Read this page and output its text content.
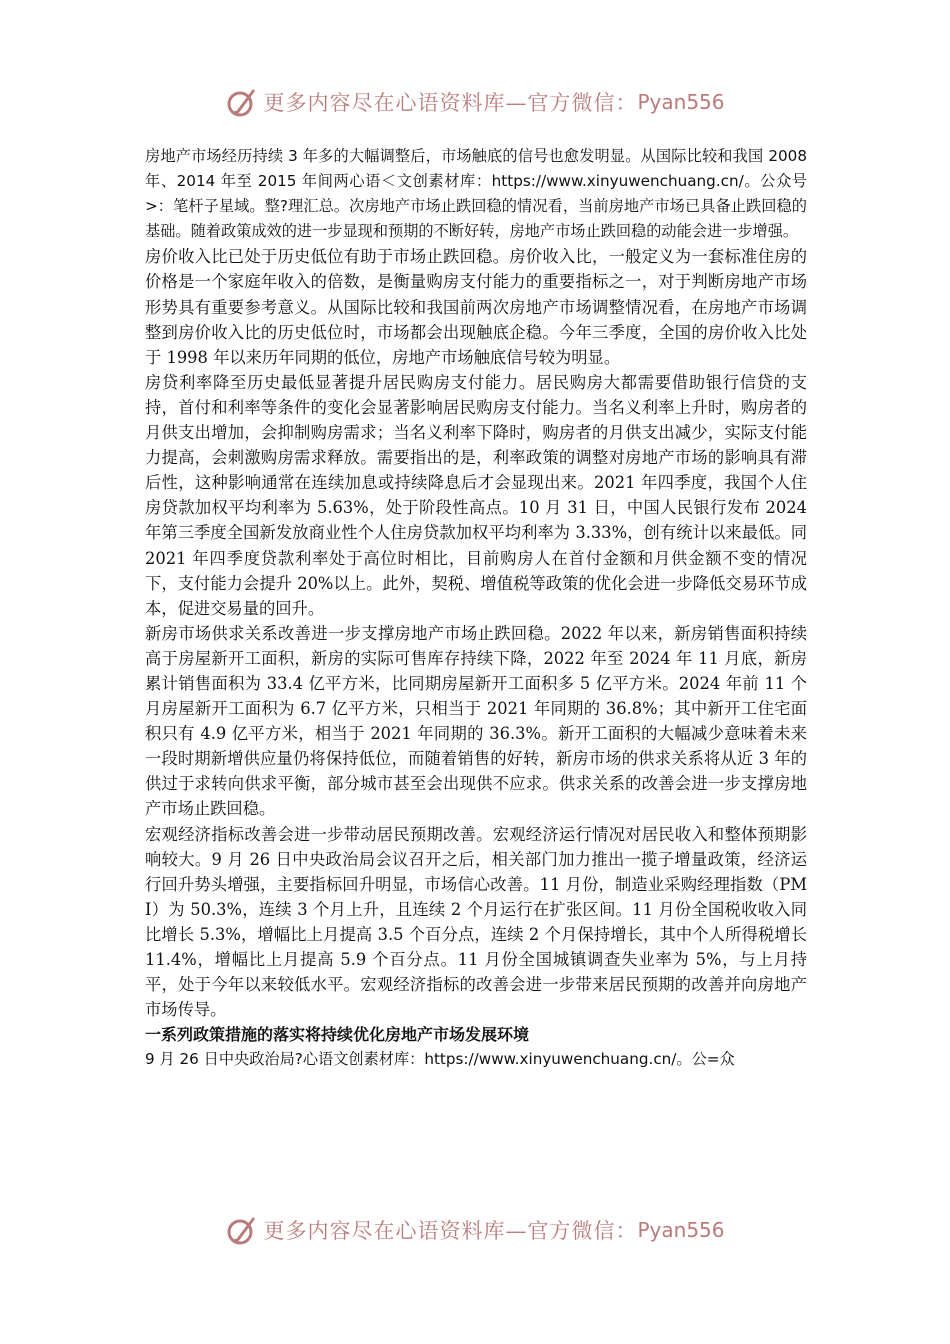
更多内容尽在心语资料库—官方微信： Pyan556

房地产市场经历持续 3 年多的大幅调整后，市场触底的信号也愈发明显。从国际比较和我国 2008 年、2014 年至 2015 年间两心语＜文创素材库：https://www.xinyuwenchuang.cn/。公众号>：笔杆子星域。整?理汇总。次房地产市场止跌回稳的情况看，当前房地产市场已具备止跌回稳的基础。随着政策成效的进一步显现和预期的不断好转，房地产市场止跌回稳的动能会进一步增强。

房价收入比已处于历史低位有助于市场止跌回稳。房价收入比，一般定义为一套标准住房的价格是一个家庭年收入的倍数，是衡量购房支付能力的重要指标之一，对于判断房地产市场形势具有重要参考意义。从国际比较和我国前两次房地产市场调整情况看，在房地产市场调整到房价收入比的历史低位时，市场都会出现触底企稳。今年三季度，全国的房价收入比处于 1998 年以来历年同期的低位，房地产市场触底信号较为明显。

房贷利率降至历史最低显著提升居民购房支付能力。居民购房大都需要借助银行信贷的支持，首付和利率等条件的变化会显著影响居民购房支付能力。当名义利率上升时，购房者的月供支出增加，会抑制购房需求；当名义利率下降时，购房者的月供支出减少，实际支付能力提高，会刺激购房需求释放。需要指出的是，利率政策的调整对房地产市场的影响具有滞后性，这种影响通常在连续加息或持续降息后才会显现出来。2021 年四季度，我国个人住房贷款加权平均利率为 5.63%，处于阶段性高点。10 月 31 日，中国人民银行发布 2024 年第三季度全国新发放商业性个人住房贷款加权平均利率为 3.33%，创有统计以来最低。同 2021 年四季度贷款利率处于高位时相比，目前购房人在首付金额和月供金额不变的情况下，支付能力会提升 20%以上。此外，契税、增值税等政策的优化会进一步降低交易环节成本，促进交易量的回升。

新房市场供求关系改善进一步支撑房地产市场止跌回稳。2022 年以来，新房销售面积持续高于房屋新开工面积，新房的实际可售库存持续下降，2022 年至 2024 年 11 月底，新房累计销售面积为 33.4 亿平方米，比同期房屋新开工面积多 5 亿平方米。2024 年前 11 个月房屋新开工面积为 6.7 亿平方米，只相当于 2021 年同期的 36.8%；其中新开工住宅面积只有 4.9 亿平方米，相当于 2021 年同期的 36.3%。新开工面积的大幅减少意味着未来一段时期新增供应量仍将保持低位，而随着销售的好转，新房市场的供求关系将从近 3 年的供过于求转向供求平衡，部分城市甚至会出现供不应求。供求关系的改善会进一步支撑房地产市场止跌回稳。

宏观经济指标改善会进一步带动居民预期改善。宏观经济运行情况对居民收入和整体预期影响较大。9 月 26 日中央政治局会议召开之后，相关部门加力推出一揽子增量政策，经济运行回升势头增强，主要指标回升明显，市场信心改善。11 月份，制造业采购经理指数（PMI）为 50.3%，连续 3 个月上升，且连续 2 个月运行在扩张区间。11 月份全国税收收入同比增长 5.3%，增幅比上月提高 3.5 个百分点，连续 2 个月保持增长，其中个人所得税增长 11.4%，增幅比上月提高 5.9 个百分点。11 月份全国城镇调查失业率为 5%，与上月持平，处于今年以来较低水平。宏观经济指标的改善会进一步带来居民预期的改善并向房地产市场传导。

一系列政策措施的落实将持续优化房地产市场发展环境

9 月 26 日中央政治局?心语文创素材库：https://www.xinyuwenchuang.cn/。公=众

更多内容尽在心语资料库—官方微信： Pyan556
